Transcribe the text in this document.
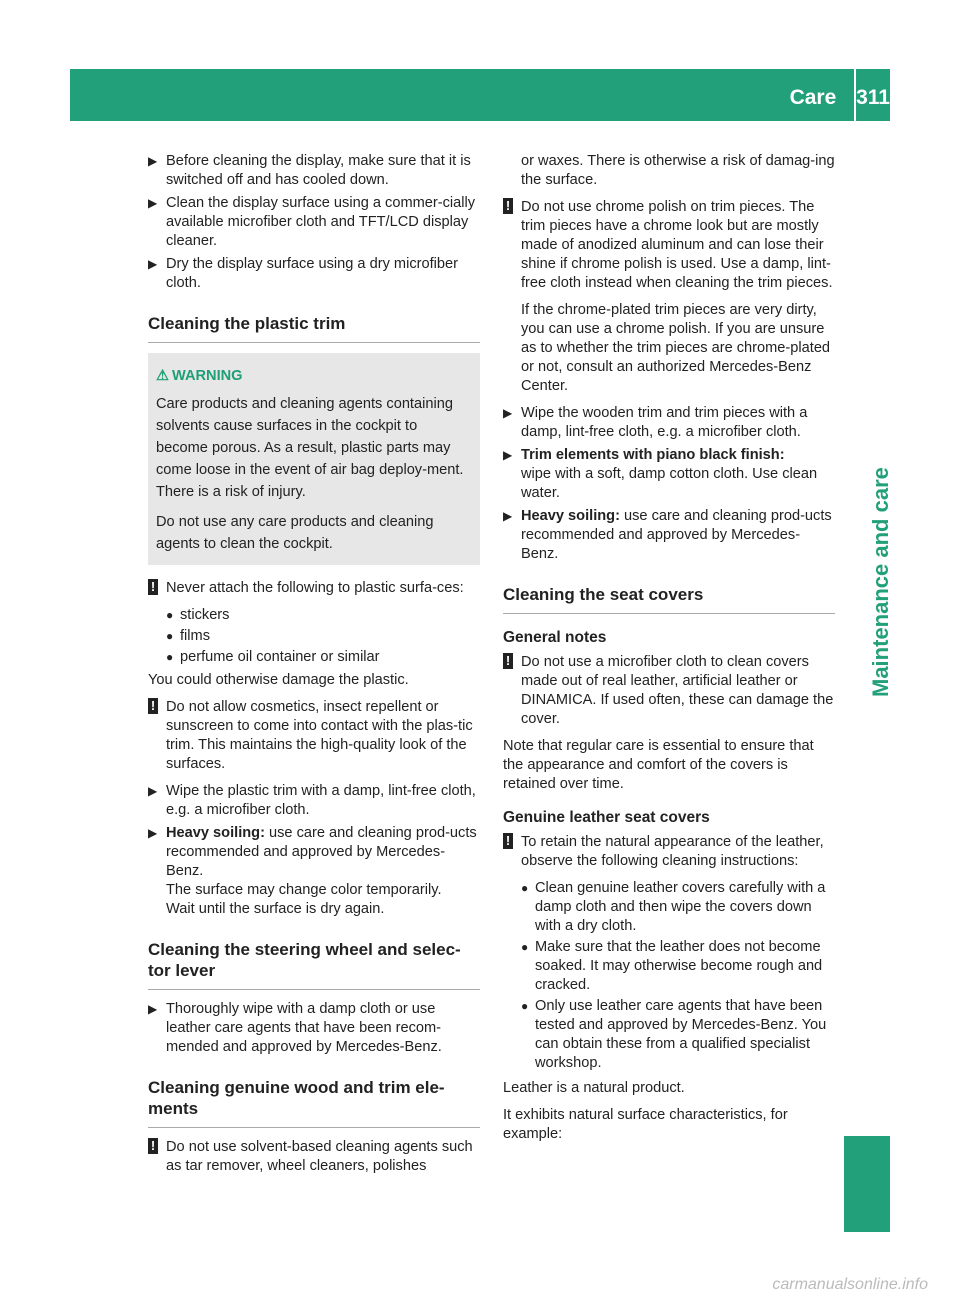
Care 311
Maintenance and care
▶ Before cleaning the display, make sure that it is switched off and has cooled down.
▶ Clean the display surface using a commer-cially available microfiber cloth and TFT/LCD display cleaner.
▶ Dry the display surface using a dry microfiber cloth.
Cleaning the plastic trim
⚠ WARNING

Care products and cleaning agents containing solvents cause surfaces in the cockpit to become porous. As a result, plastic parts may come loose in the event of air bag deploy-ment. There is a risk of injury.

Do not use any care products and cleaning agents to clean the cockpit.

! Never attach the following to plastic surfa-ces:
● stickers
● films
● perfume oil container or similar

You could otherwise damage the plastic.

! Do not allow cosmetics, insect repellent or sunscreen to come into contact with the plas-tic trim. This maintains the high-quality look of the surfaces.
▶ Wipe the plastic trim with a damp, lint-free cloth, e.g. a microfiber cloth.
▶ Heavy soiling: use care and cleaning prod-ucts recommended and approved by Mercedes-Benz.
The surface may change color temporarily.
Wait until the surface is dry again.
Cleaning the steering wheel and selec-tor lever
▶ Thoroughly wipe with a damp cloth or use leather care agents that have been recom-mended and approved by Mercedes-Benz.
Cleaning genuine wood and trim ele-ments
! Do not use solvent-based cleaning agents such as tar remover, wheel cleaners, polishes

or waxes. There is otherwise a risk of damag-ing the surface.

! Do not use chrome polish on trim pieces. The trim pieces have a chrome look but are mostly made of anodized aluminum and can lose their shine if chrome polish is used. Use a damp, lint-free cloth instead when cleaning the trim pieces.

If the chrome-plated trim pieces are very dirty, you can use a chrome polish. If you are unsure as to whether the trim pieces are chrome-plated or not, consult an authorized Mercedes-Benz Center.

▶ Wipe the wooden trim and trim pieces with a damp, lint-free cloth, e.g. a microfiber cloth.
▶ Trim elements with piano black finish:
wipe with a soft, damp cotton cloth. Use clean water.
▶ Heavy soiling: use care and cleaning prod-ucts recommended and approved by Mercedes-Benz.
Cleaning the seat covers
General notes
! Do not use a microfiber cloth to clean covers made out of real leather, artificial leather or DINAMICA. If used often, these can damage the cover.

Note that regular care is essential to ensure that the appearance and comfort of the covers is retained over time.

Genuine leather seat covers
! To retain the natural appearance of the leather, observe the following cleaning instructions:
● Clean genuine leather covers carefully with a damp cloth and then wipe the covers down with a dry cloth.
● Make sure that the leather does not become soaked. It may otherwise become rough and cracked.
● Only use leather care agents that have been tested and approved by Mercedes-Benz. You can obtain these from a qualified specialist workshop.

Leather is a natural product.

It exhibits natural surface characteristics, for example:

carmanualsonline.info
